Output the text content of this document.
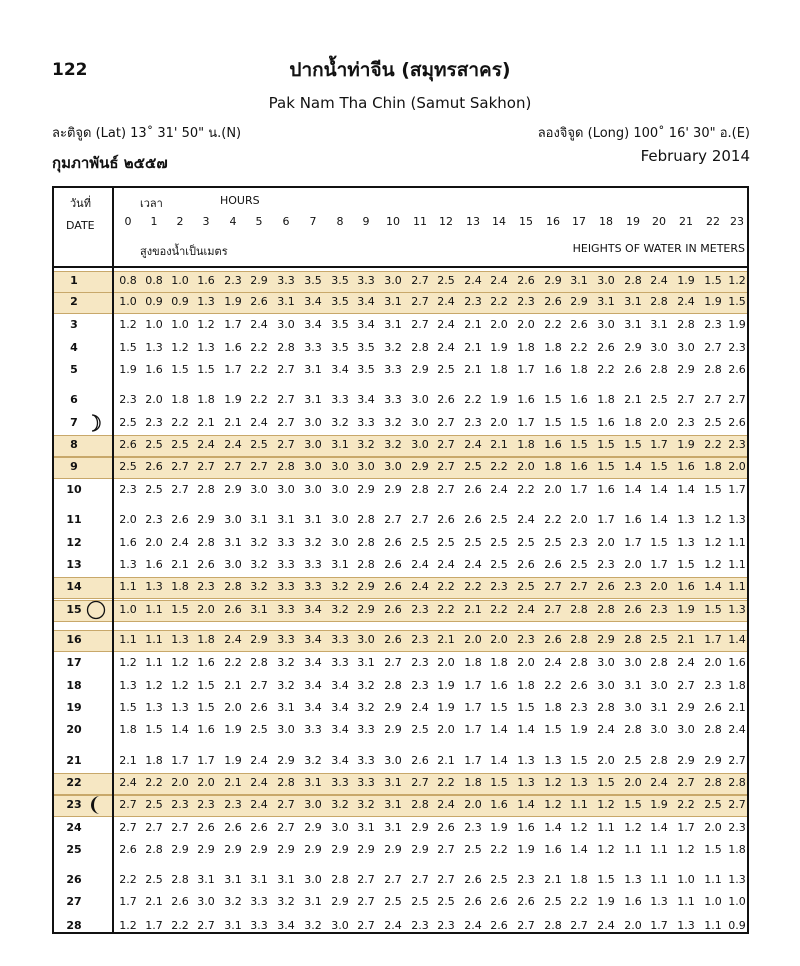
122	ปากน้ำท่าจีน (สมุทรสาคร)
Pak Nam Tha Chin (Samut Sakhon)
ละติจูด (Lat) 13˚ 31' 50" น.(N)	ลองจิจูด (Long) 100˚ 16' 30" อ.(E)
กุมภาพันธ์ ๒๕๕๗	February 2014
1	0.8 0.8 1.0 1.6 2.3 2.9 3.3 3.5 3.5 3.3 3.0 2.7 2.5 2.4 2.4 2.6 2.9 3.1 3.0 2.8 2.4 1.9 1.5 1.2
2	1.0 0.9 0.9 1.3 1.9 2.6 3.1 3.4 3.5 3.4 3.1 2.7 2.4 2.3 2.2 2.3 2.6 2.9 3.1 3.1 2.8 2.4 1.9 1.5
3	1.2 1.0 1.0 1.2 1.7 2.4 3.0 3.4 3.5 3.4 3.1 2.7 2.4 2.1 2.0 2.0 2.2 2.6 3.0 3.1 3.1 2.8 2.3 1.9
4	1.5 1.3 1.2 1.3 1.6 2.2 2.8 3.3 3.5 3.5 3.2 2.8 2.4 2.1 1.9 1.8 1.8 2.2 2.6 2.9 3.0 3.0 2.7 2.3
5	1.9 1.6 1.5 1.5 1.7 2.2 2.7 3.1 3.4 3.5 3.3 2.9 2.5 2.1 1.8 1.7 1.6 1.8 2.2 2.6 2.8 2.9 2.8 2.6
6	2.3 2.0 1.8 1.8 1.9 2.2 2.7 3.1 3.3 3.4 3.3 3.0 2.6 2.2 1.9 1.6 1.5 1.6 1.8 2.1 2.5 2.7 2.7 2.7
7	2.5 2.3 2.2 2.1 2.1 2.4 2.7 3.0 3.2 3.3 3.2 3.0 2.7 2.3 2.0 1.7 1.5 1.5 1.6 1.8 2.0 2.3 2.5 2.6
8	2.6 2.5 2.5 2.4 2.4 2.5 2.7 3.0 3.1 3.2 3.2 3.0 2.7 2.4 2.1 1.8 1.6 1.5 1.5 1.5 1.7 1.9 2.2 2.3
9	2.5 2.6 2.7 2.7 2.7 2.7 2.8 3.0 3.0 3.0 3.0 2.9 2.7 2.5 2.2 2.0 1.8 1.6 1.5 1.4 1.5 1.6 1.8 2.0
10	2.3 2.5 2.7 2.8 2.9 3.0 3.0 3.0 3.0 2.9 2.9 2.8 2.7 2.6 2.4 2.2 2.0 1.7 1.6 1.4 1.4 1.4 1.5 1.7
11	2.0 2.3 2.6 2.9 3.0 3.1 3.1 3.1 3.0 2.8 2.7 2.7 2.6 2.6 2.5 2.4 2.2 2.0 1.7 1.6 1.4 1.3 1.2 1.3
12	1.6 2.0 2.4 2.8 3.1 3.2 3.3 3.2 3.0 2.8 2.6 2.5 2.5 2.5 2.5 2.5 2.5 2.3 2.0 1.7 1.5 1.3 1.2 1.1
13	1.3 1.6 2.1 2.6 3.0 3.2 3.3 3.3 3.1 2.8 2.6 2.4 2.4 2.4 2.5 2.6 2.6 2.5 2.3 2.0 1.7 1.5 1.2 1.1
14	1.1 1.3 1.8 2.3 2.8 3.2 3.3 3.3 3.2 2.9 2.6 2.4 2.2 2.2 2.3 2.5 2.7 2.7 2.6 2.3 2.0 1.6 1.4 1.1
15	1.0 1.1 1.5 2.0 2.6 3.1 3.3 3.4 3.2 2.9 2.6 2.3 2.2 2.1 2.2 2.4 2.7 2.8 2.8 2.6 2.3 1.9 1.5 1.3
16	1.1 1.1 1.3 1.8 2.4 2.9 3.3 3.4 3.3 3.0 2.6 2.3 2.1 2.0 2.0 2.3 2.6 2.8 2.9 2.8 2.5 2.1 1.7 1.4
17	1.2 1.1 1.2 1.6 2.2 2.8 3.2 3.4 3.3 3.1 2.7 2.3 2.0 1.8 1.8 2.0 2.4 2.8 3.0 3.0 2.8 2.4 2.0 1.6
18	1.3 1.2 1.2 1.5 2.1 2.7 3.2 3.4 3.4 3.2 2.8 2.3 1.9 1.7 1.6 1.8 2.2 2.6 3.0 3.1 3.0 2.7 2.3 1.8
19	1.5 1.3 1.3 1.5 2.0 2.6 3.1 3.4 3.4 3.2 2.9 2.4 1.9 1.7 1.5 1.5 1.8 2.3 2.8 3.0 3.1 2.9 2.6 2.1
20	1.8 1.5 1.4 1.6 1.9 2.5 3.0 3.3 3.4 3.3 2.9 2.5 2.0 1.7 1.4 1.4 1.5 1.9 2.4 2.8 3.0 3.0 2.8 2.4
21	2.1 1.8 1.7 1.7 1.9 2.4 2.9 3.2 3.4 3.3 3.0 2.6 2.1 1.7 1.4 1.3 1.3 1.5 2.0 2.5 2.8 2.9 2.9 2.7
22	2.4 2.2 2.0 2.0 2.1 2.4 2.8 3.1 3.3 3.3 3.1 2.7 2.2 1.8 1.5 1.3 1.2 1.3 1.5 2.0 2.4 2.7 2.8 2.8
23	2.7 2.5 2.3 2.3 2.3 2.4 2.7 3.0 3.2 3.2 3.1 2.8 2.4 2.0 1.6 1.4 1.2 1.1 1.2 1.5 1.9 2.2 2.5 2.7
24	2.7 2.7 2.7 2.6 2.6 2.6 2.7 2.9 3.0 3.1 3.1 2.9 2.6 2.3 1.9 1.6 1.4 1.2 1.1 1.2 1.4 1.7 2.0 2.3
25	2.6 2.8 2.9 2.9 2.9 2.9 2.9 2.9 2.9 2.9 2.9 2.9 2.7 2.5 2.2 1.9 1.6 1.4 1.2 1.1 1.1 1.2 1.5 1.8
26	2.2 2.5 2.8 3.1 3.1 3.1 3.1 3.0 2.8 2.7 2.7 2.7 2.7 2.6 2.5 2.3 2.1 1.8 1.5 1.3 1.1 1.0 1.1 1.3
27	1.7 2.1 2.6 3.0 3.2 3.3 3.2 3.1 2.9 2.7 2.5 2.5 2.5 2.6 2.6 2.6 2.5 2.2 1.9 1.6 1.3 1.1 1.0 1.0
28	1.2 1.7 2.2 2.7 3.1 3.3 3.4 3.2 3.0 2.7 2.4 2.3 2.3 2.4 2.6 2.7 2.8 2.7 2.4 2.0 1.7 1.3 1.1 0.9
วันที่
DATE
เวลา	HOURS
สูงของน้ำเป็นเมตร	HEIGHTS OF WATER IN METERS
0	1	2	3	4	5	6	7	8	9	10	11	12	13	14	15	16	17	18	19	20	21	22 23
